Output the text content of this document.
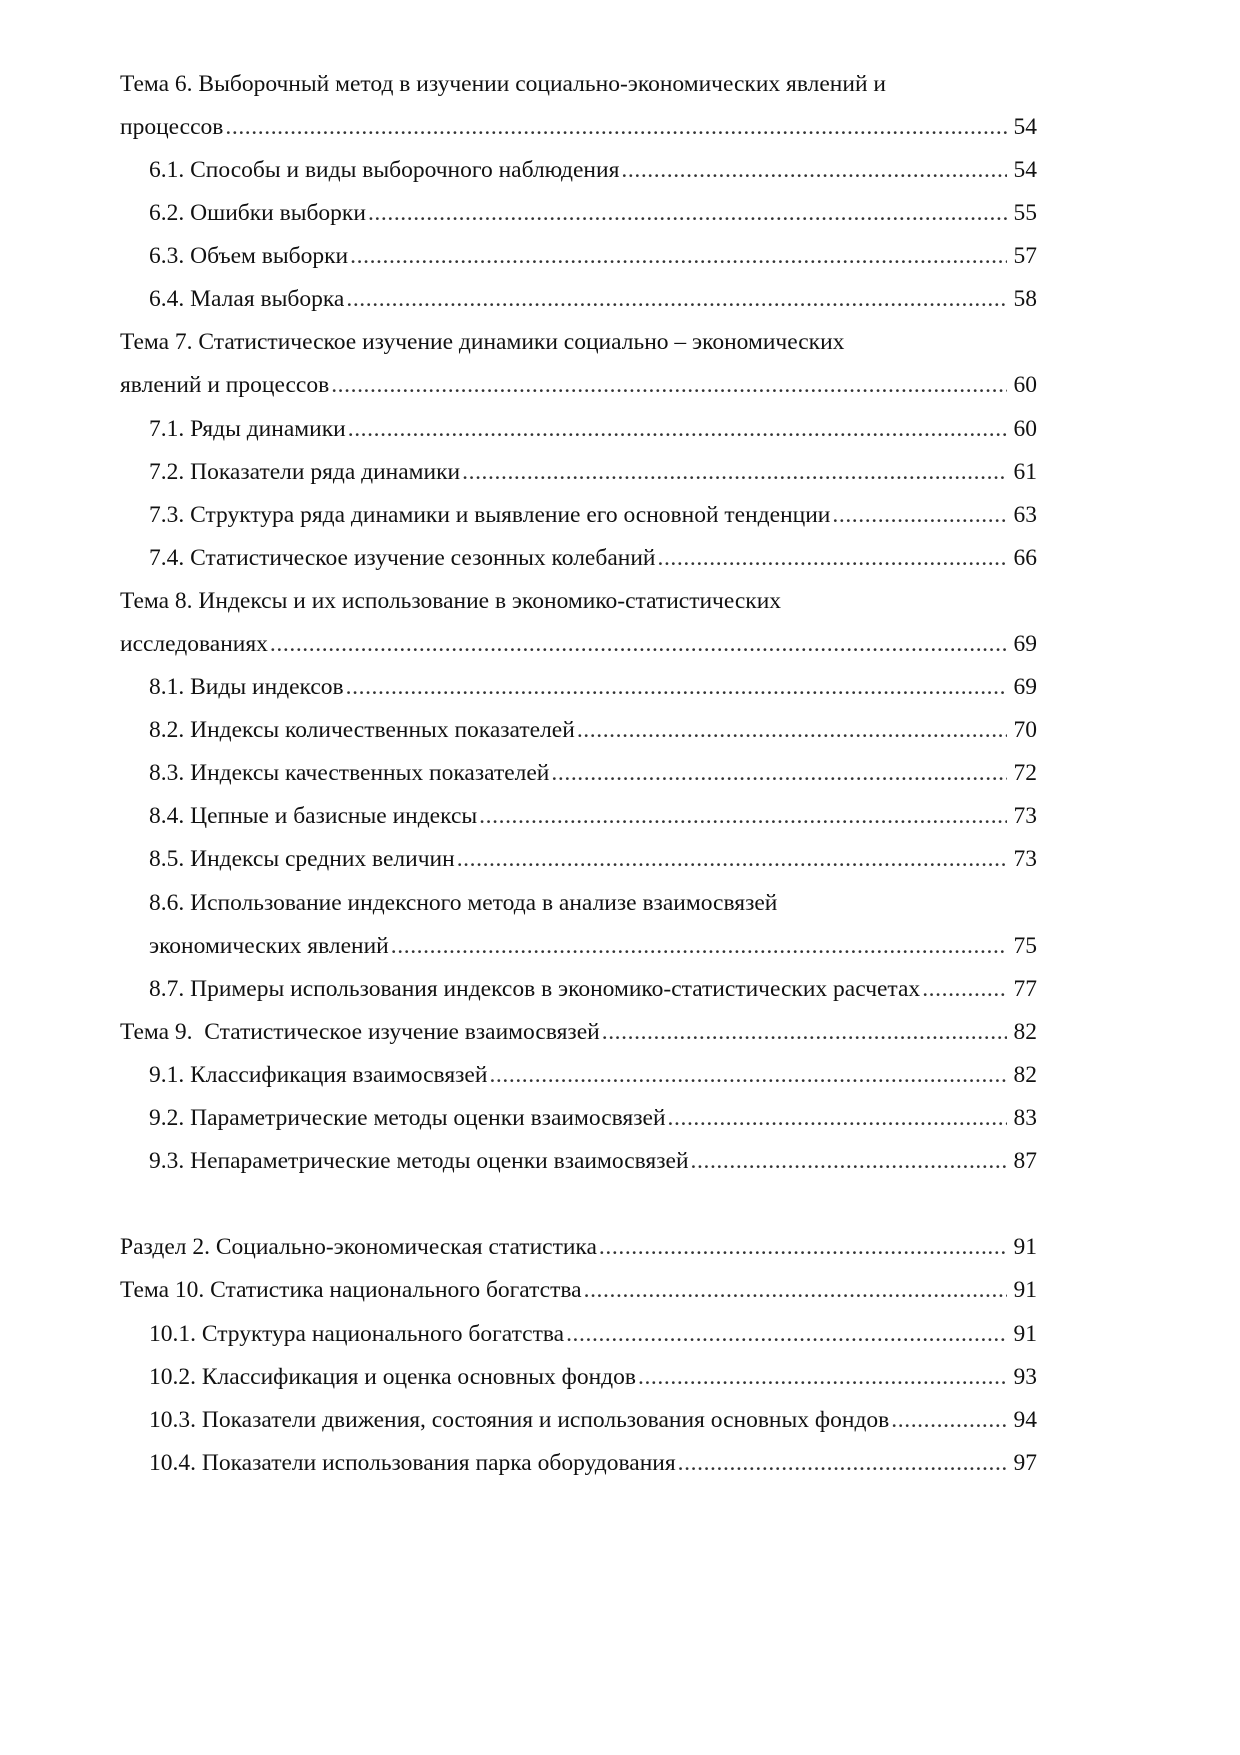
Тема 6. Выборочный метод в изучении социально-экономических явлений и
процессов .....	54
6.1. Способы и виды выборочного наблюдения .....	54
6.2. Ошибки выборки .....	55
6.3. Объем выборки .....	57
6.4. Малая выборка .....	58
Тема 7. Статистическое изучение динамики социально – экономических
явлений и процессов .....	60
7.1. Ряды динамики .....	60
7.2. Показатели ряда динамики .....	61
7.3. Структура ряда динамики и выявление его основной тенденции .....	63
7.4. Статистическое изучение сезонных колебаний .....	66
Тема 8. Индексы и их использование в экономико-статистических
исследованиях .....	69
8.1. Виды индексов .....	69
8.2. Индексы количественных показателей .....	70
8.3. Индексы качественных показателей .....	72
8.4. Цепные и базисные индексы .....	73
8.5. Индексы средних величин .....	73
8.6. Использование индексного метода в анализе взаимосвязей
экономических явлений .....	75
8.7. Примеры использования индексов в экономико-статистических расчетах .....	77
Тема 9.  Статистическое изучение взаимосвязей .....	82
9.1. Классификация взаимосвязей .....	82
9.2. Параметрические методы оценки взаимосвязей .....	83
9.3. Непараметрические методы оценки взаимосвязей .....	87
Раздел 2. Социально-экономическая статистика .....	91
Тема 10. Статистика национального богатства .....	91
10.1. Структура национального богатства .....	91
10.2. Классификация и оценка основных фондов .....	93
10.3. Показатели движения, состояния и использования основных фондов .....	94
10.4. Показатели использования парка оборудования .....	97
